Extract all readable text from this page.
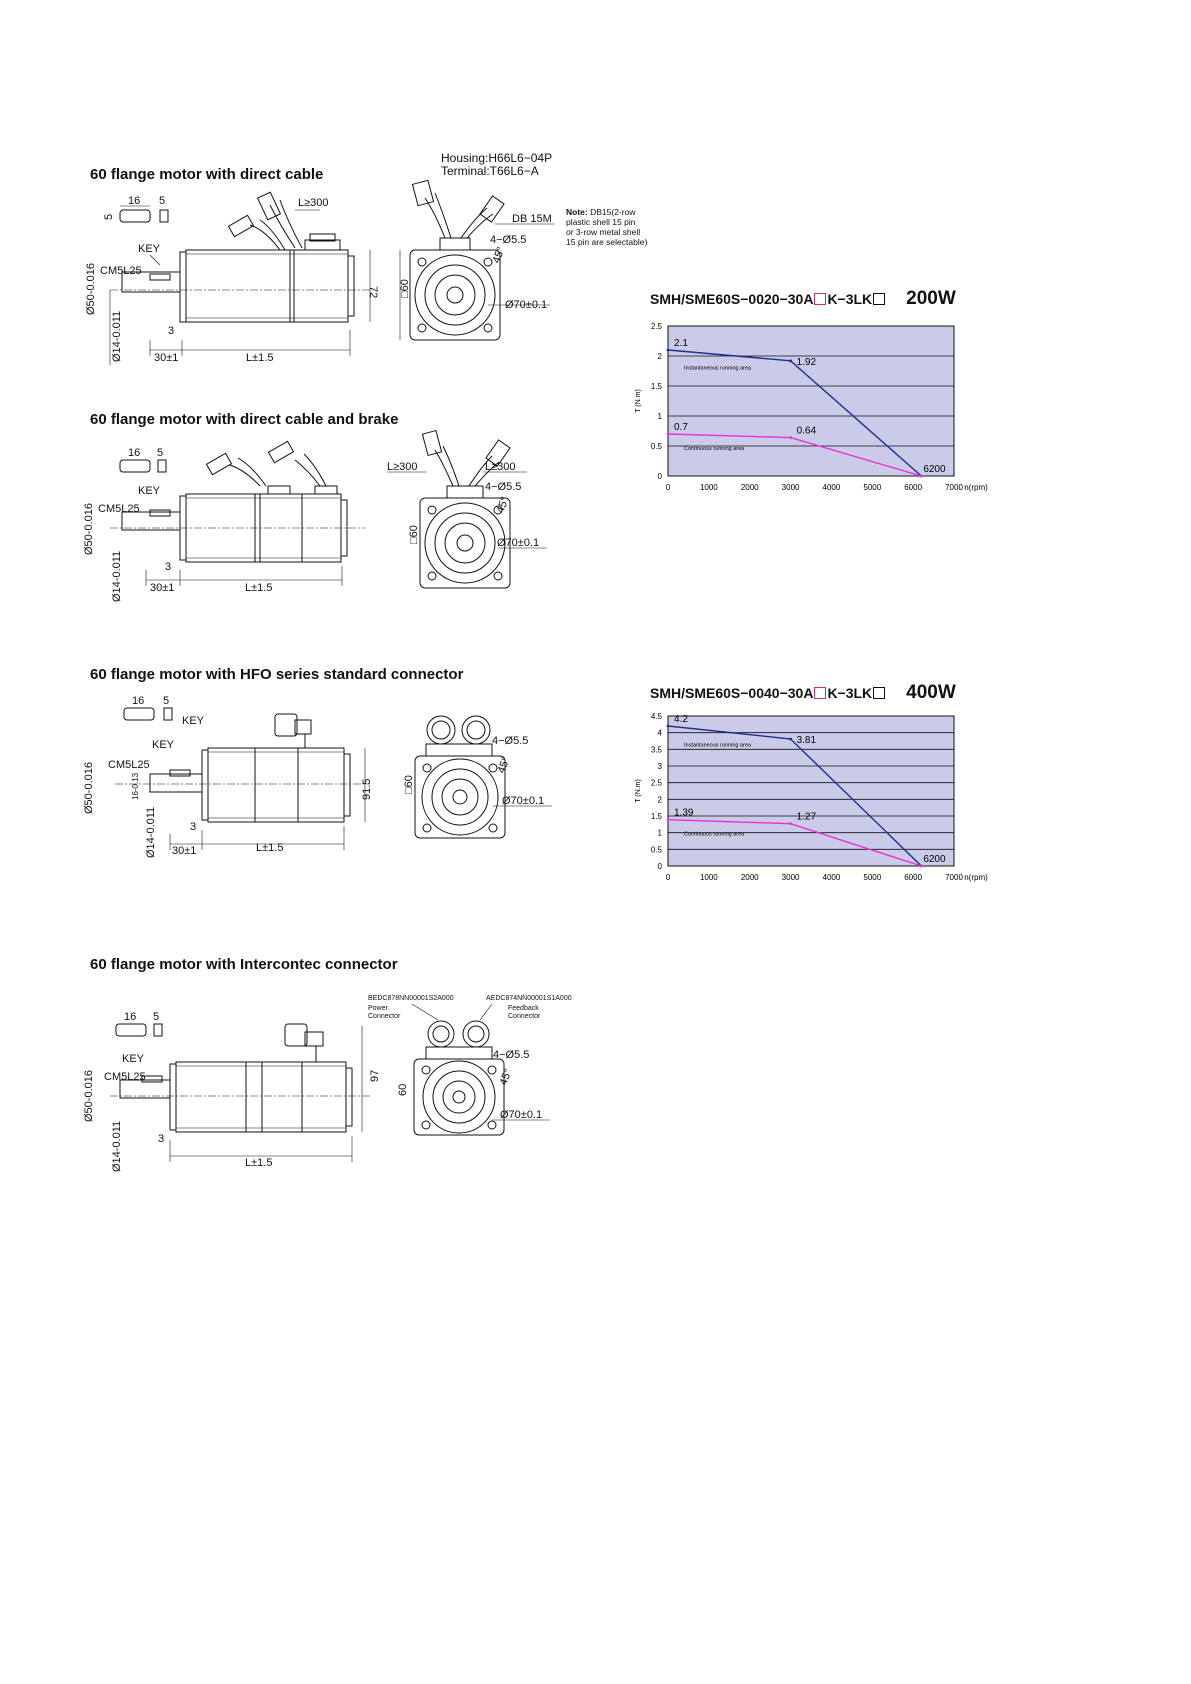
60 flange motor with direct cable
Housing:H66L6−04P
Terminal:T66L6−A
Note: DB15(2-row
plastic shell 15 pin
or 3-row metal shell
15 pin are selectable)
16 5
5
KEY
CM5L25
L≥300
72
Ø50-0.016
Ø14-0.011	3
30±1	L±1.5
□60
DB 15M
4−Ø5.5
45°
Ø70±0.1
60 flange motor with direct cable and brake
16 5
KEY
CM5L25
Ø50-0.016
Ø14-0.011	3
30±1	L±1.5
L≥300	L≥300
□60
4−Ø5.5
45°
Ø70±0.1
60 flange motor with HFO series standard connector
16 5
KEY
KEY
CM5L25
91.5
Ø50-0.016	16-0.13
Ø14-0.011	3
30±1	L±1.5
□60
4−Ø5.5
45°
Ø70±0.1
60 flange motor with Intercontec connector
16 5
KEY
CM5L25	97
Ø50-0.016
Ø14-0.011	3
L±1.5
BEDC878NN00001S2A000
Power
Connector
AEDC874NN00001S1A000
Feedback
Connector
60
4−Ø5.5
45°
Ø70±0.1
SMH/SME60S−0020−30A K−3LK 200W
0
0.5
1
1.5
2
2.5
0	1000	2000	3000	4000	5000	6000	7000 n(rpm)
T (N.m)
Instantaneous running area
Continuous running area
2.1
1.92
0.7	0.64
6200
SMH/SME60S−0040−30A K−3LK 400W
0
0.5
1
1.5
2
2.5
3
3.5
4
4.5
0	1000	2000	3000	4000	5000	6000	7000 n(rpm)
T (N.m)
Instantaneous running area
Continuous running area
4.2
3.81
1.39	1.27
6200
